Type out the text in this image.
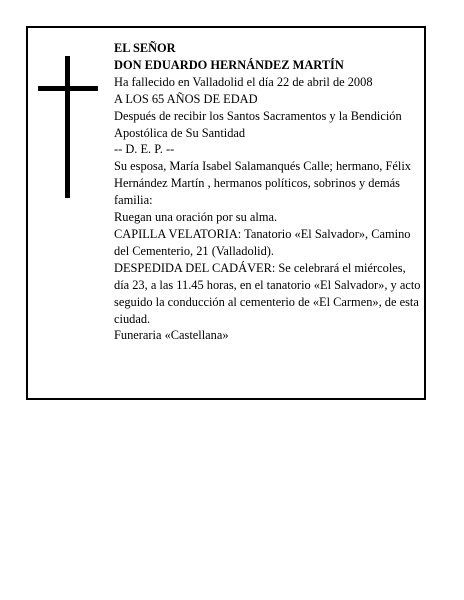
EL SEÑOR

DON EDUARDO HERNÁNDEZ MARTÍN

Ha fallecido en Valladolid el día 22 de abril de 2008

A LOS 65 AÑOS DE EDAD

Después de recibir los Santos Sacramentos y la Bendición Apostólica de Su Santidad

-- D. E. P. --

Su esposa, María Isabel Salamanqués Calle; hermano, Félix Hernández Martín , hermanos políticos, sobrinos y demás familia:

Ruegan una oración por su alma.

CAPILLA VELATORIA: Tanatorio «El Salvador», Camino del Cementerio, 21 (Valladolid).

DESPEDIDA DEL CADÁVER: Se celebrará el miércoles, día 23, a las 11.45 horas, en el tanatorio «El Salvador», y acto seguido la conducción al cementerio de «El Carmen», de esta ciudad.

Funeraria «Castellana»
